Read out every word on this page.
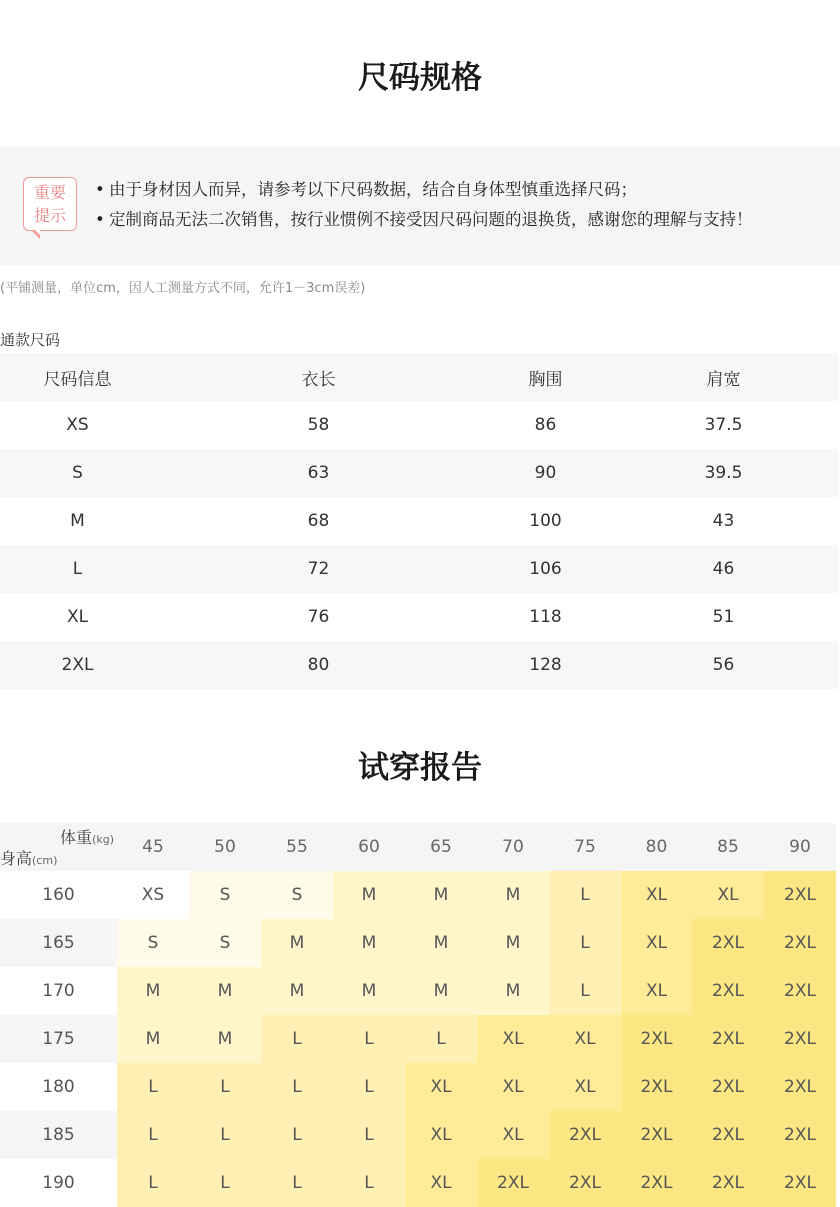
尺码规格
重要
提示
• 由于身材因人而异，请参考以下尺码数据，结合自身体型慎重选择尺码；
• 定制商品无法二次销售，按行业惯例不接受因尺码问题的退换货，感谢您的理解与支持！
(平铺测量，单位cm，因人工测量方式不同，允许1－3cm误差)
通款尺码
尺码信息	衣长	胸围	肩宽
XS	58	86	37.5
S	63	90	39.5
M	68	100	43
L	72	106	46
XL	76	118	51
2XL	80	128	56
试穿报告
体重(kg)
身高(cm)	45	50	55	60	65	70	75	80	85	90
160	XS	S	S	M	M	M	L	XL	XL	2XL
165	S	S	M	M	M	M	L	XL	2XL	2XL
170	M	M	M	M	M	M	L	XL	2XL	2XL
175	M	M	L	L	L	XL	XL	2XL	2XL	2XL
180	L	L	L	L	XL	XL	XL	2XL	2XL	2XL
185	L	L	L	L	XL	XL	2XL	2XL	2XL	2XL
190	L	L	L	L	XL	2XL	2XL	2XL	2XL	2XL
